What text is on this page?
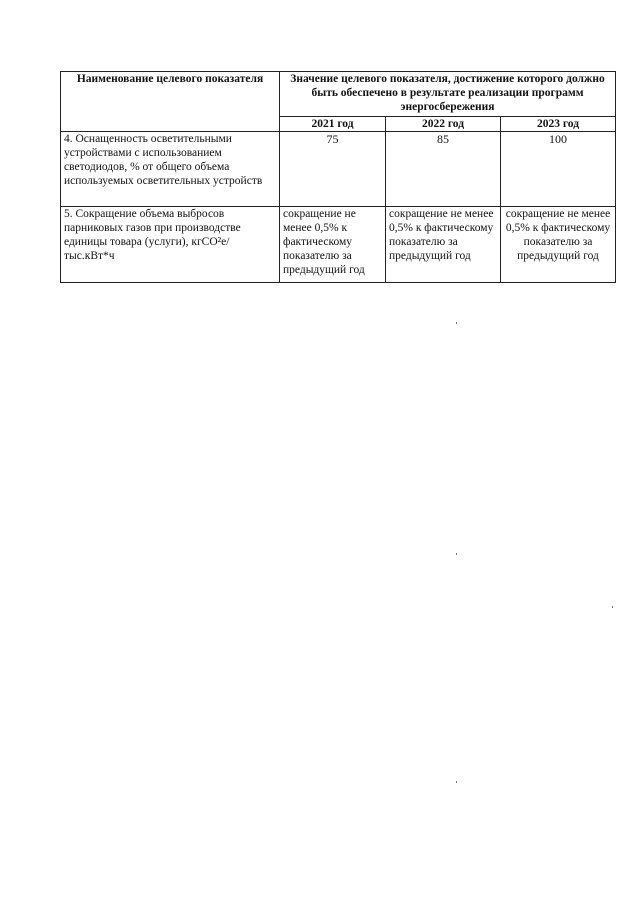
Наименование целевого показателя	Значение целевого показателя, достижение которого должно быть обеспечено в результате реализации программ энергосбережения		
	2021 год	2022 год	2023 год
4. Оснащенность осветительными устройствами с использованием светодиодов, % от общего объема используемых осветительных устройств	75	85	100
5. Сокращение объема выбросов парниковых газов при производстве единицы товара (услуги), кгCO²e/тыс.кВт*ч	сокращение не менее 0,5% к фактическому показателю за предыдущий год	сокращение не менее 0,5% к фактическому показателю за предыдущий год	сокращение не менее 0,5% к фактическому показателю за предыдущий год
